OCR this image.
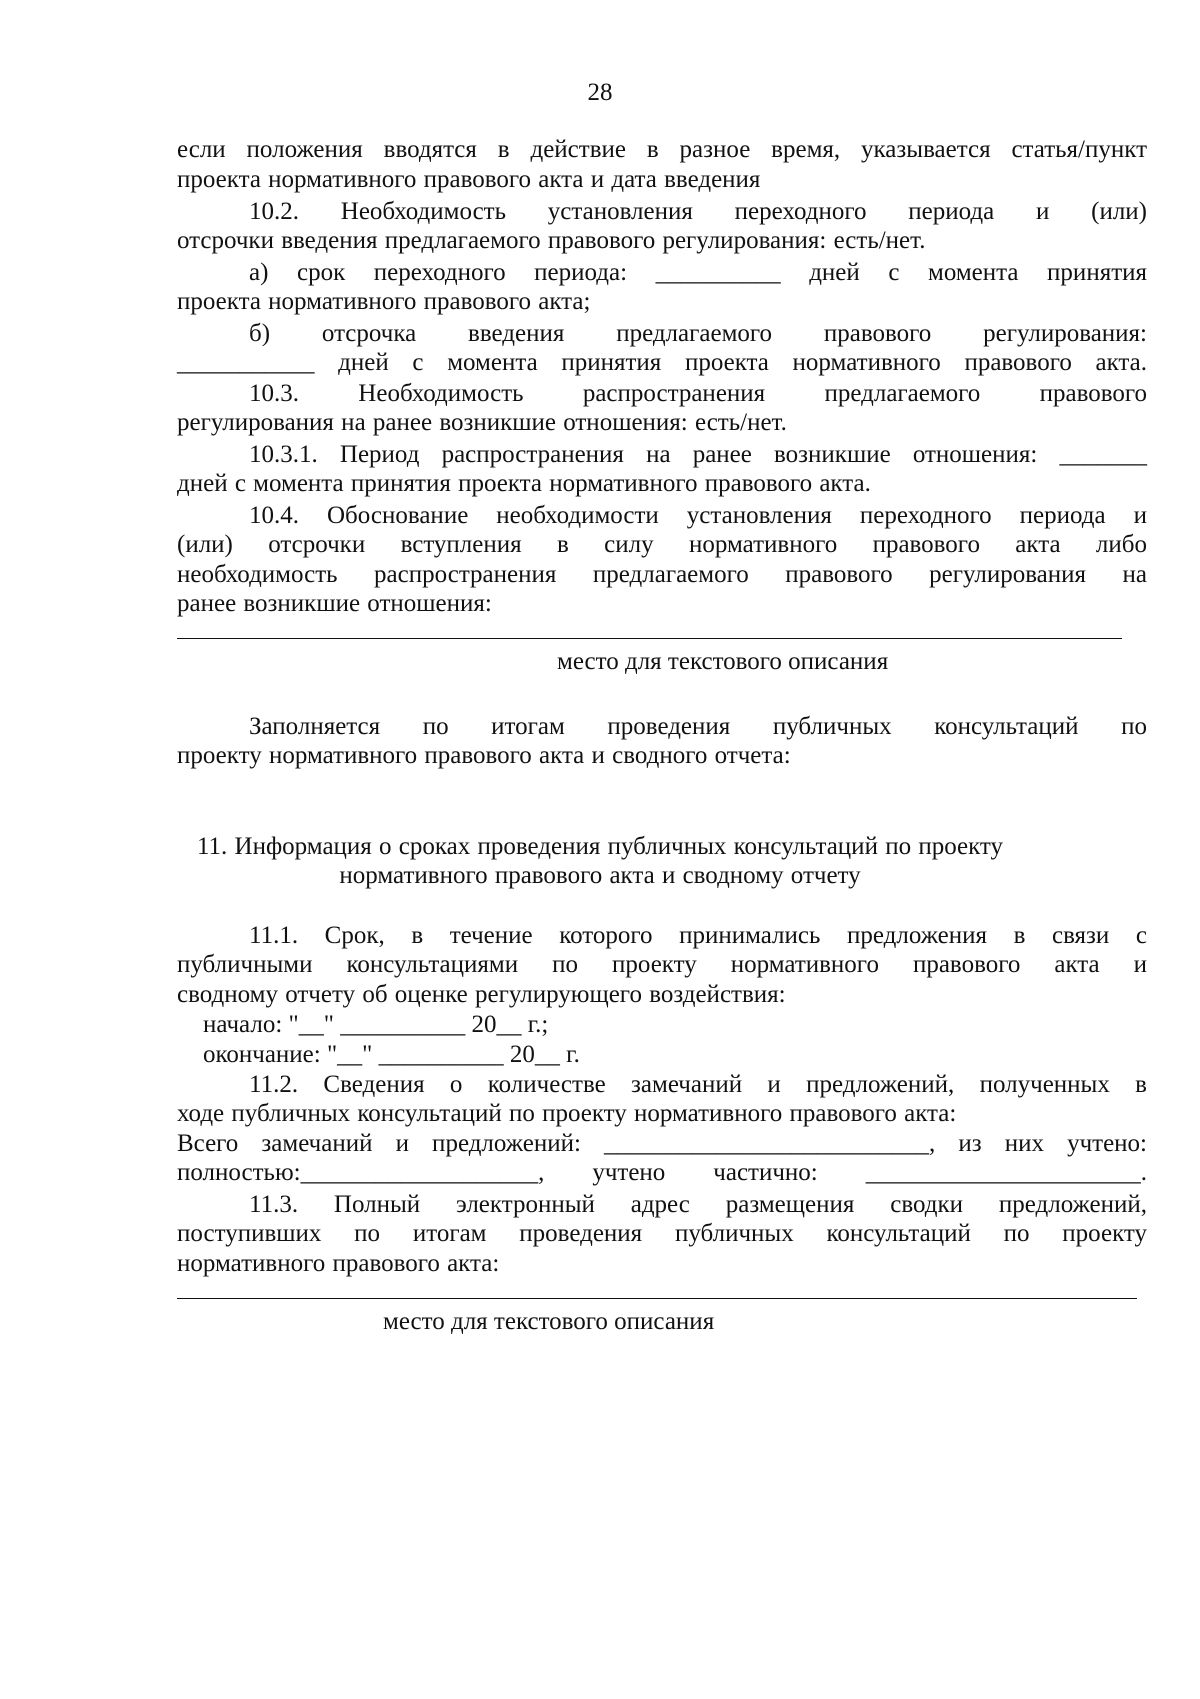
28
если положения вводятся в действие в разное время, указывается статья/пункт
проекта нормативного правового акта и дата введения
10.2. Необходимость установления переходного периода и (или)
отсрочки введения предлагаемого правового регулирования: есть/нет.
а) срок переходного периода: __________ дней с момента принятия
проекта нормативного правового акта;
б) отсрочка введения предлагаемого правового регулирования:
___________ дней с момента принятия проекта нормативного правового акта.
10.3. Необходимость распространения предлагаемого правового
регулирования на ранее возникшие отношения: есть/нет.
10.3.1. Период распространения на ранее возникшие отношения: _______
дней с момента принятия проекта нормативного правового акта.
10.4. Обоснование необходимости установления переходного периода и
(или) отсрочки вступления в силу нормативного правового акта либо
необходимость распространения предлагаемого правового регулирования на
ранее возникшие отношения:
место для текстового описания
Заполняется по итогам проведения публичных консультаций по
проекту нормативного правового акта и сводного отчета:
11. Информация о сроках проведения публичных консультаций по проекту
нормативного правового акта и сводному отчету
11.1. Срок, в течение которого принимались предложения в связи с
публичными консультациями по проекту нормативного правового акта и
сводному отчету об оценке регулирующего воздействия:
начало: "__" __________ 20__ г.;
окончание: "__" __________ 20__ г.
11.2. Сведения о количестве замечаний и предложений, полученных в
ходе публичных консультаций по проекту нормативного правового акта:
Всего замечаний и предложений: __________________________, из них учтено:
полностью:___________________, учтено частично: ______________________.
11.3. Полный электронный адрес размещения сводки предложений,
поступивших по итогам проведения публичных консультаций по проекту
нормативного правового акта:
место для текстового описания
